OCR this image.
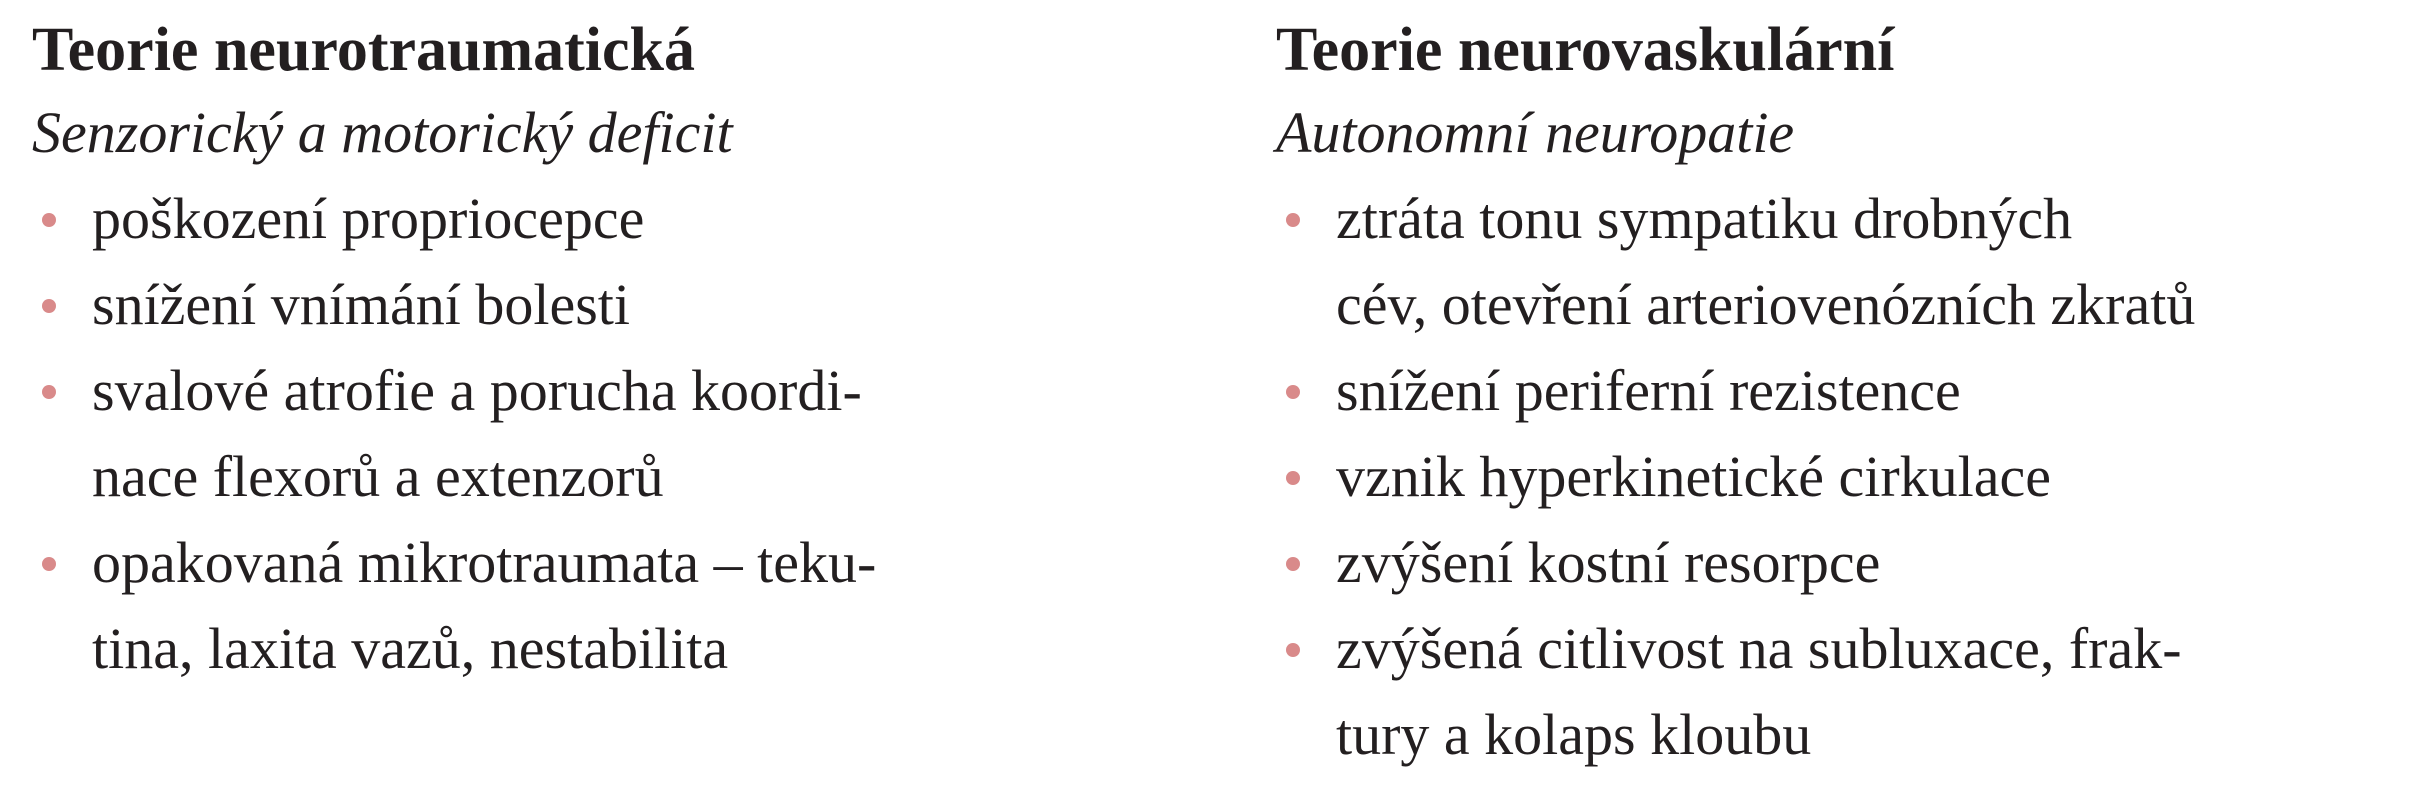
Teorie neurotraumatická
Senzorický a motorický deficit
poškození propriocepce
snížení vnímání bolesti
svalové atrofie a porucha koordi-
nace flexorů a extenzorů
opakovaná mikrotraumata – teku-
tina, laxita vazů, nestabilita
Teorie neurovaskulární
Autonomní neuropatie
ztráta tonu sympatiku drobných
cév, otevření arteriovenózních zkratů
snížení periferní rezistence
vznik hyperkinetické cirkulace
zvýšení kostní resorpce
zvýšená citlivost na subluxace, frak-
tury a kolaps kloubu
